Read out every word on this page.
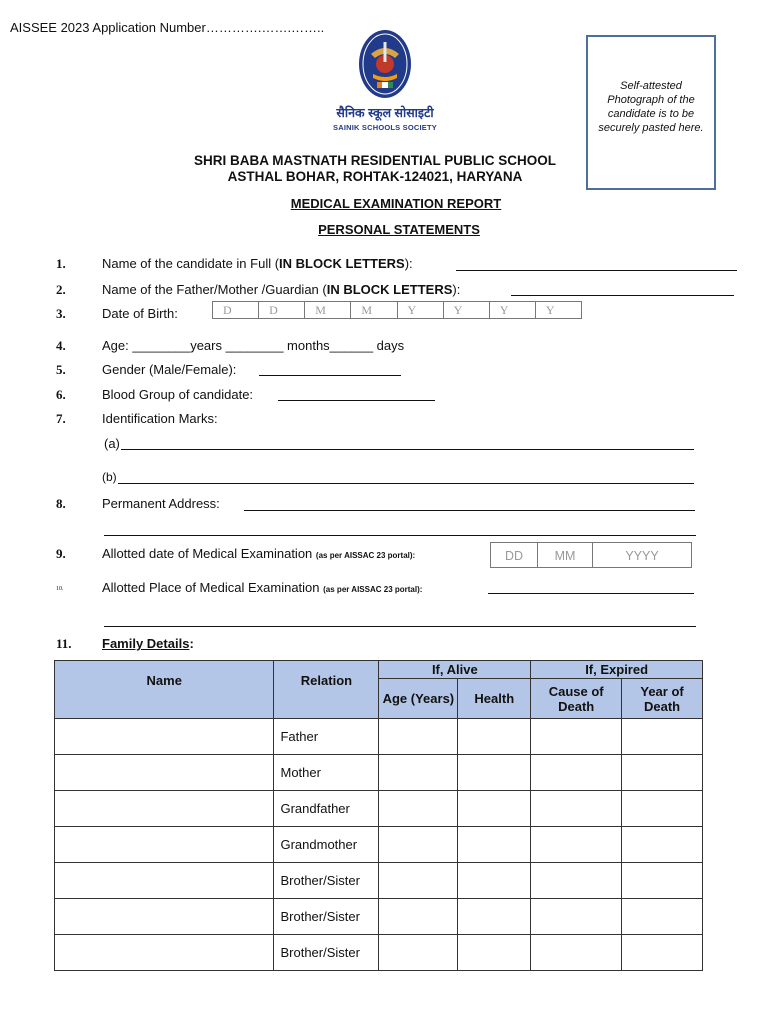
AISSEE 2023 Application Number………….…….……..
सैनिक स्कूल सोसाइटी
SAINIK SCHOOLS SOCIETY
Self-attested Photograph of the candidate is to be securely pasted here.
SHRI BABA MASTNATH RESIDENTIAL PUBLIC SCHOOL
ASTHAL BOHAR, ROHTAK-124021, HARYANA
MEDICAL EXAMINATION REPORT
PERSONAL STATEMENTS
1.	Name of the candidate in Full (IN BLOCK LETTERS):
2.	Name of the Father/Mother /Guardian (IN BLOCK LETTERS):
3.	Date of Birth:	D	D	M	M	Y	Y	Y	Y
4.	Age: ________years ________ months______ days
5.	Gender (Male/Female):
6.	Blood Group of candidate:
7.	Identification Marks:
(a)
(b)
8.	Permanent Address:
9.	Allotted date of Medical Examination (as per AISSAC 23 portal):	DD	MM	YYYY
10.	Allotted Place of Medical Examination (as per AISSAC 23 portal):
11. Family Details:
Name	Relation	If, Alive		If, Expired	
		Age (Years)	Health	Cause of Death	Year of Death
	Father				
	Mother				
	Grandfather				
	Grandmother				
	Brother/Sister				
	Brother/Sister				
	Brother/Sister				
